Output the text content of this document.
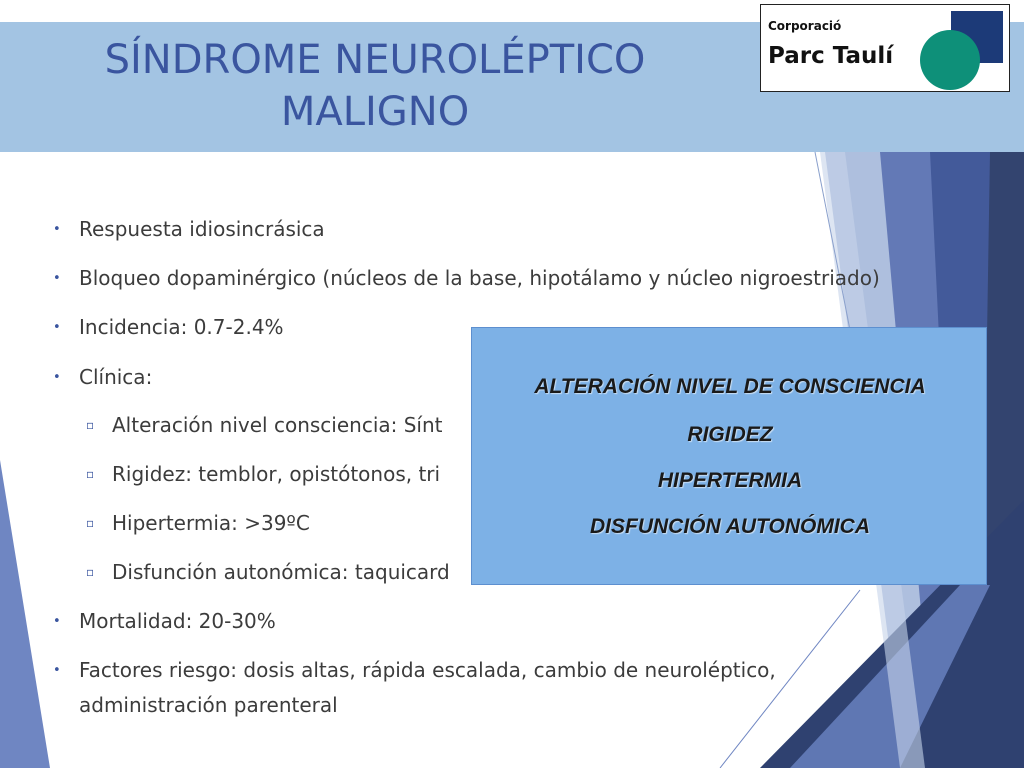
SÍNDROME NEUROLÉPTICO
MALIGNO
Corporació
Parc Taulí
• Respuesta idiosincrásica
• Bloqueo dopaminérgico (núcleos de la base, hipotálamo y núcleo nigroestriado)
• Incidencia: 0.7-2.4%
• Clínica:
▫ Alteración nivel consciencia: Sínt
▫ Rigidez: temblor, opistótonos, tri
▫ Hipertermia: >39ºC
▫ Disfunción autonómica: taquicard
• Mortalidad: 20-30%
• Factores riesgo: dosis altas, rápida escalada, cambio de neuroléptico,
administración parenteral
ALTERACIÓN NIVEL DE CONSCIENCIA
RIGIDEZ
HIPERTERMIA
DISFUNCIÓN AUTONÓMICA
